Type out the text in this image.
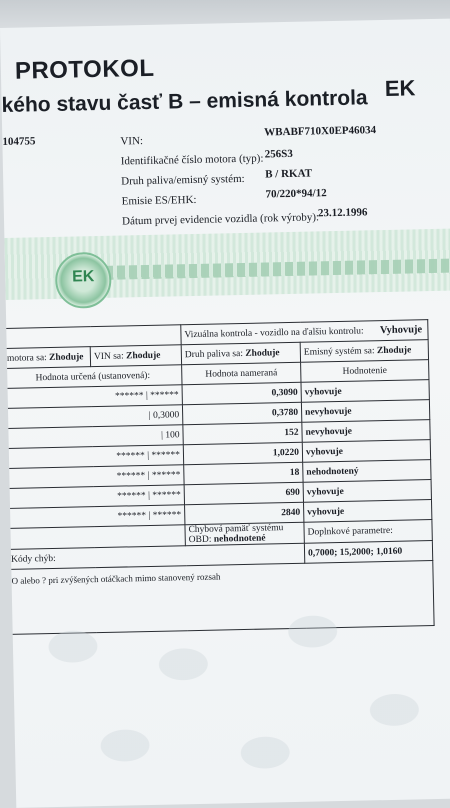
PROTOKOL
kého stavu časť B – emisná kontrola EK
104755	VIN:
WBABF710X0EP46034
Identifikačné číslo motora (typ): 256S3
Druh paliva/emisný systém: B / RKAT
Emisie ES/EHK:
70/220*94/12
Dátum prvej evidencie vozidla (rok výroby):
23.12.1996
EK
		Vizuálna kontrola - vozidlo na ďalšiu kontrolu: Vyhovuje	
motora sa: Zhoduje	VIN sa: Zhoduje	Druh paliva sa: Zhoduje	Emisný systém sa: Zhoduje
Hodnota určená (ustanovená):		Hodnota nameraná	Hodnotenie
****** | ******		0,3090	vyhovuje
| 0,3000		0,3780	nevyhovuje
| 100		152	nevyhovuje
****** | ******		1,0220	vyhovuje
****** | ******		18	nehodnotený
****** | ******		690	vyhovuje
****** | ******		2840	vyhovuje
		Chybová pamäť systému OBD: nehodnotené	Doplnkové parametre:
Kódy chýb:			0,7000; 15,2000; 1,0160
O alebo ? pri zvýšených otáčkach mimo stanovený rozsah			
